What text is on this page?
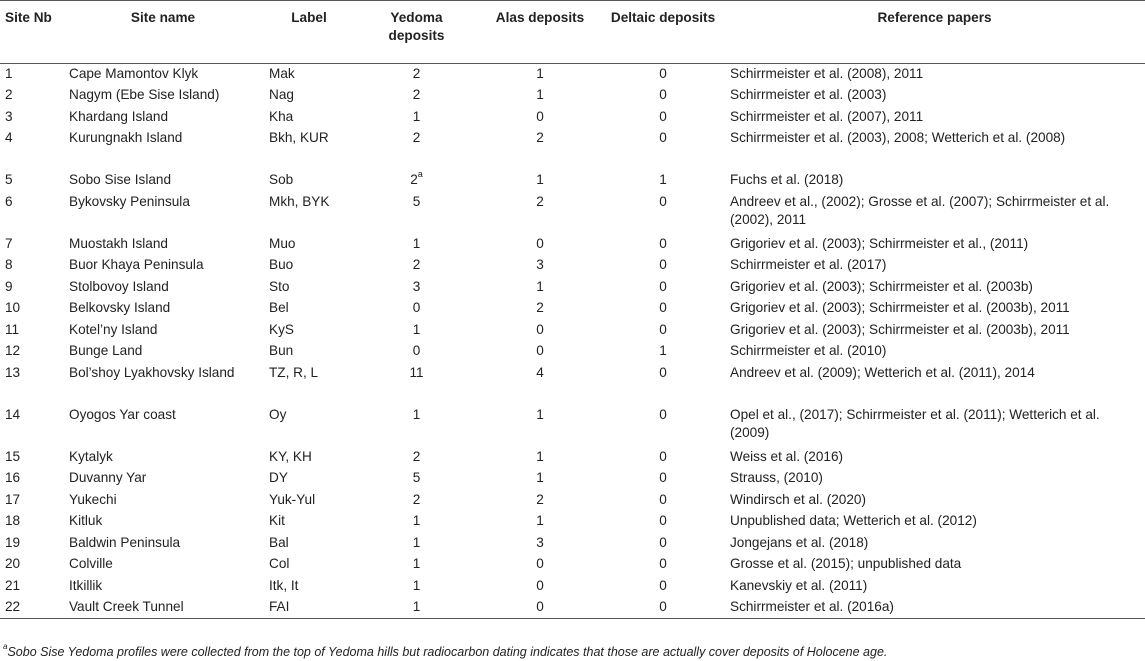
Site Nb	Site name	Label	Yedoma deposits	Alas deposits	Deltaic deposits	Reference papers
1	Cape Mamontov Klyk	Mak	2	1	0	Schirrmeister et al. (2008), 2011
2	Nagym (Ebe Sise Island)	Nag	2	1	0	Schirrmeister et al. (2003)
3	Khardang Island	Kha	1	0	0	Schirrmeister et al. (2007), 2011
4	Kurungnakh Island	Bkh, KUR	2	2	0	Schirrmeister et al. (2003), 2008; Wetterich et al. (2008)
5	Sobo Sise Island	Sob	2$^a$	1	1	Fuchs et al. (2018)
6	Bykovsky Peninsula	Mkh, BYK	5	2	0	Andreev et al., (2002); Grosse et al. (2007); Schirrmeister et al. (2002), 2011
7	Muostakh Island	Muo	1	0	0	Grigoriev et al. (2003); Schirrmeister et al., (2011)
8	Buor Khaya Peninsula	Buo	2	3	0	Schirrmeister et al. (2017)
9	Stolbovoy Island	Sto	3	1	0	Grigoriev et al. (2003); Schirrmeister et al. (2003b)
10	Belkovsky Island	Bel	0	2	0	Grigoriev et al. (2003); Schirrmeister et al. (2003b), 2011
11	Kotel’ny Island	KyS	1	0	0	Grigoriev et al. (2003); Schirrmeister et al. (2003b), 2011
12	Bunge Land	Bun	0	0	1	Schirrmeister et al. (2010)
13	Bol’shoy Lyakhovsky Island	TZ, R, L	11	4	0	Andreev et al. (2009); Wetterich et al. (2011), 2014
14	Oyogos Yar coast	Oy	1	1	0	Opel et al., (2017); Schirrmeister et al. (2011); Wetterich et al. (2009)
15	Kytalyk	KY, KH	2	1	0	Weiss et al. (2016)
16	Duvanny Yar	DY	5	1	0	Strauss, (2010)
17	Yukechi	Yuk-Yul	2	2	0	Windirsch et al. (2020)
18	Kitluk	Kit	1	1	0	Unpublished data; Wetterich et al. (2012)
19	Baldwin Peninsula	Bal	1	3	0	Jongejans et al. (2018)
20	Colville	Col	1	0	0	Grosse et al. (2015); unpublished data
21	Itkillik	Itk, It	1	0	0	Kanevskiy et al. (2011)
22	Vault Creek Tunnel	FAI	1	0	0	Schirrmeister et al. (2016a)
$^a$Sobo Sise Yedoma profiles were collected from the top of Yedoma hills but radiocarbon dating indicates that those are actually cover deposits of Holocene age.
